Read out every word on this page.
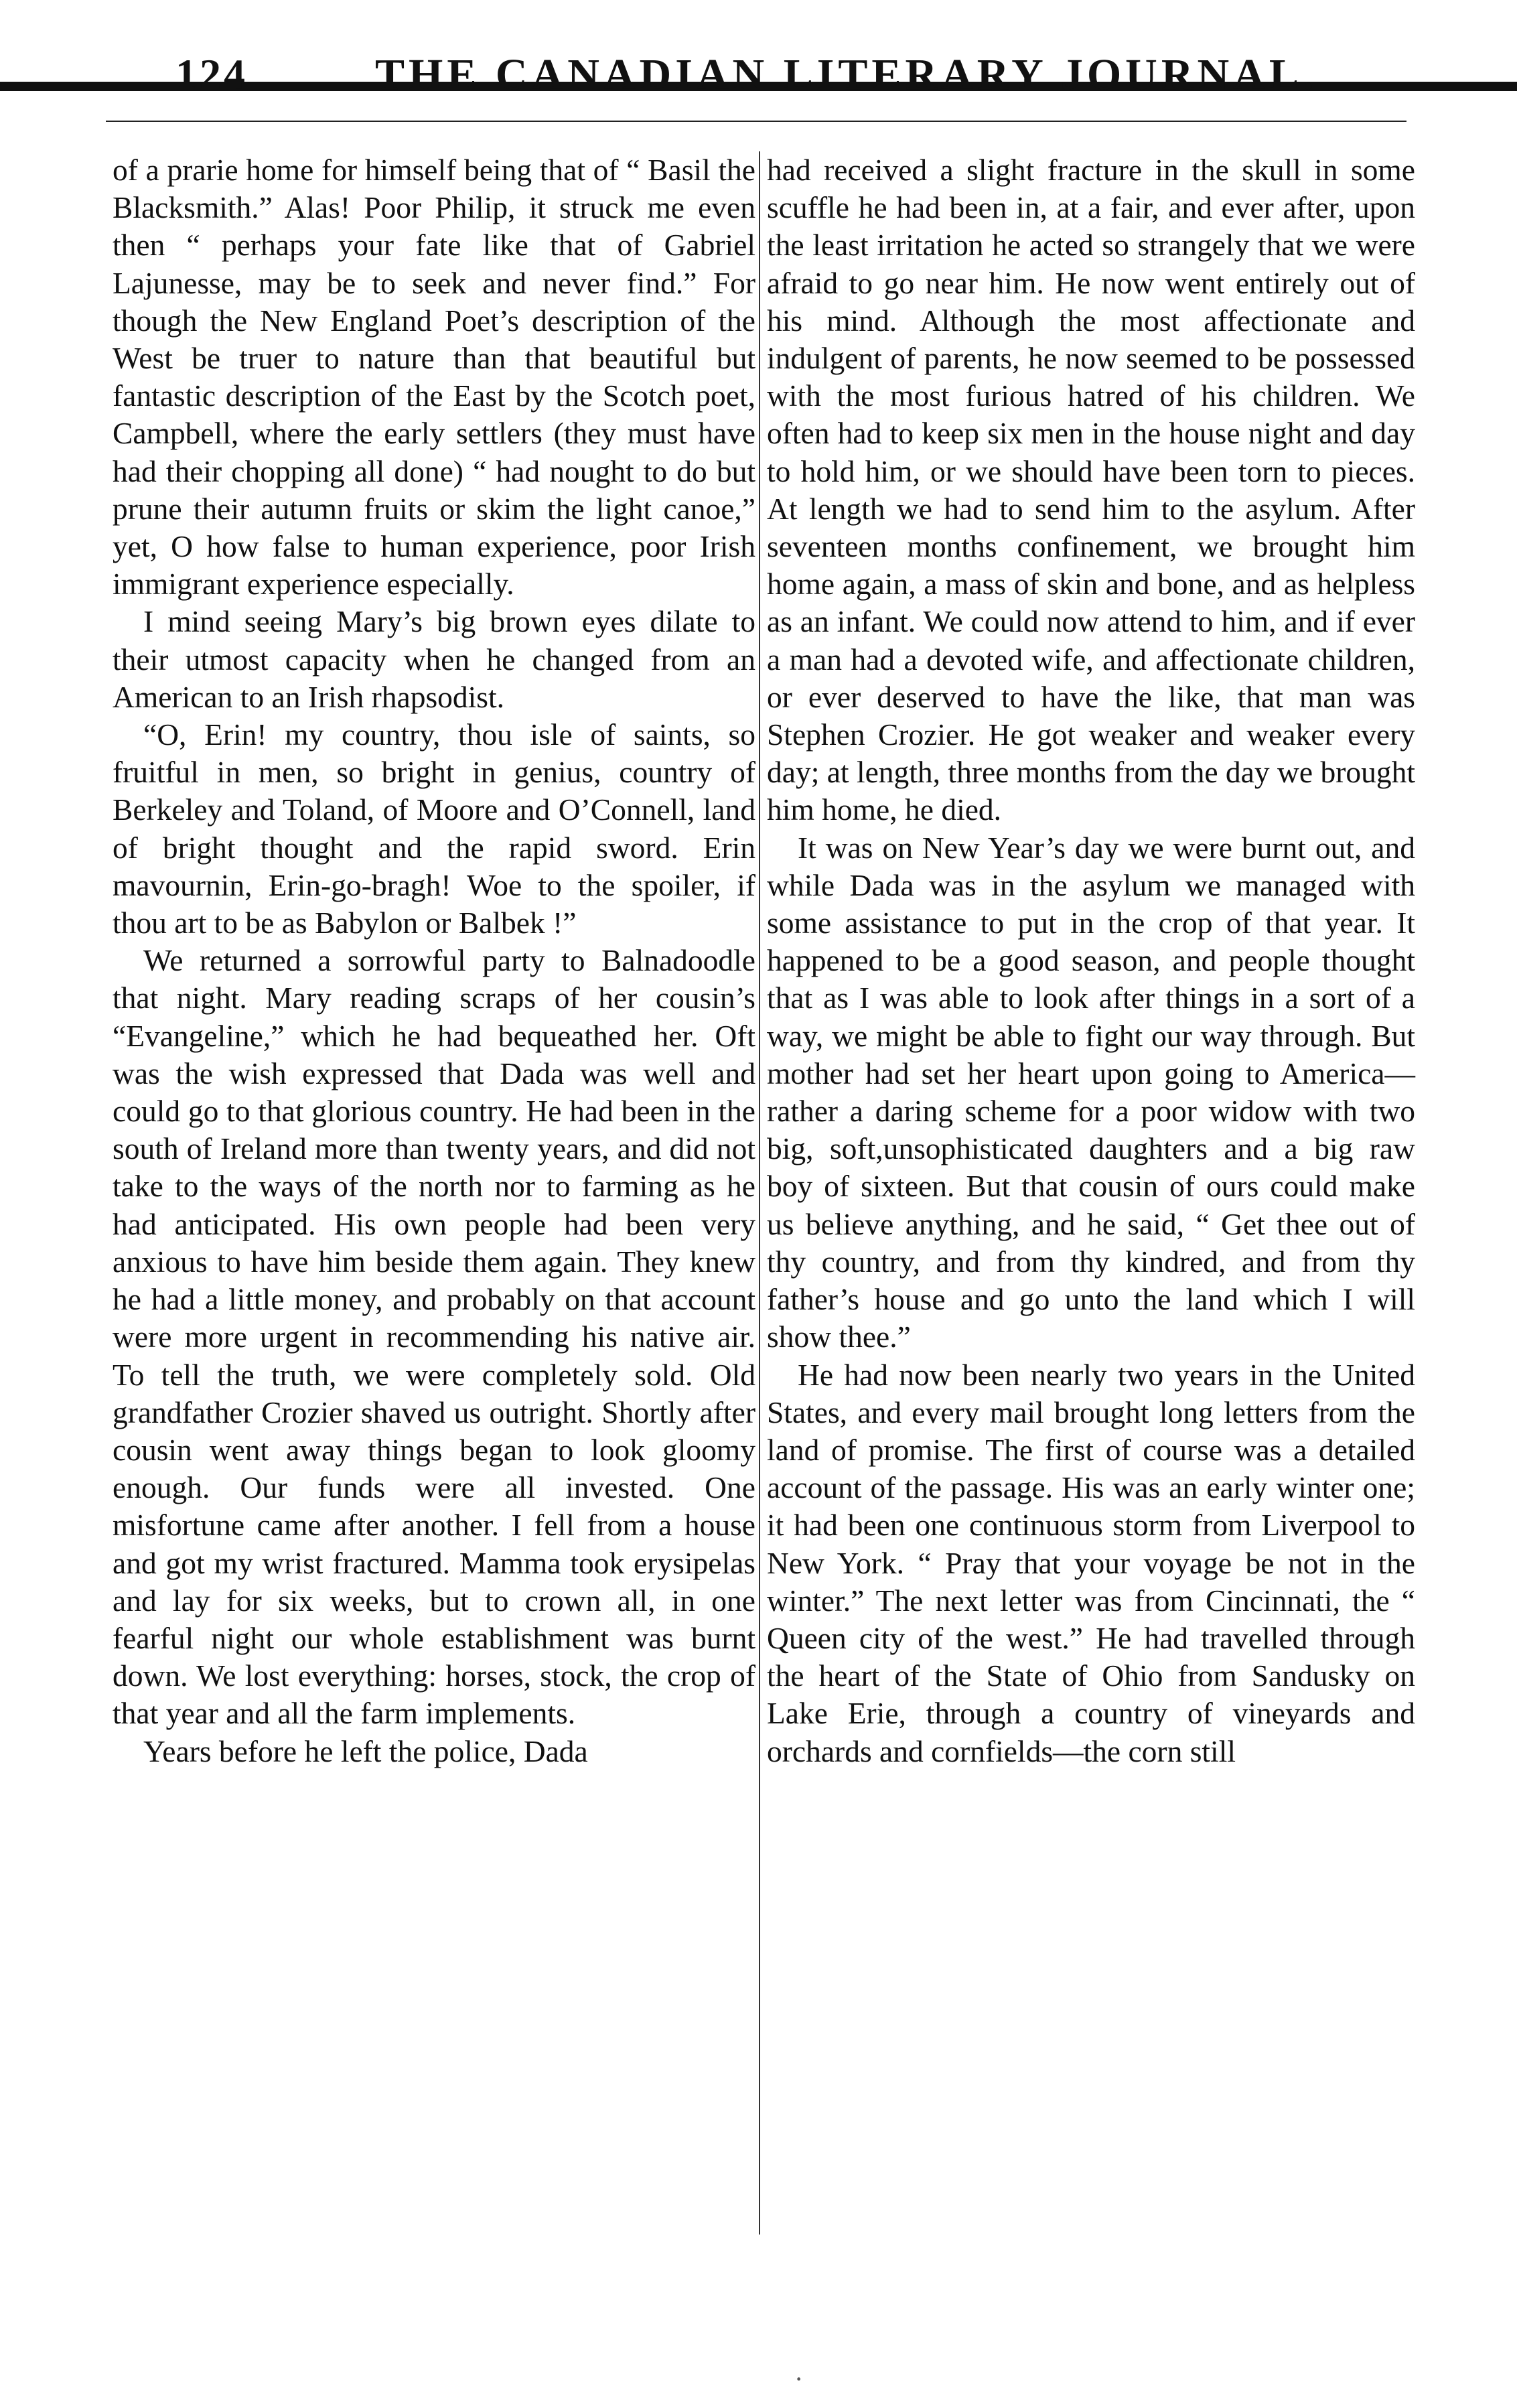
124	THE CANADIAN LITERARY JOURNAL.

of a prarie home for himself being that of “ Basil the Blacksmith.” Alas! Poor Philip, it struck me even then “ perhaps your fate like that of Gabriel Lajunesse, may be to seek and never find.” For though the New England Poet’s description of the West be truer to nature than that beautiful but fantastic description of the East by the Scotch poet, Campbell, where the early settlers (they must have had their chopping all done) “ had nought to do but prune their autumn fruits or skim the light canoe,” yet, O how false to human experience, poor Irish immigrant experience especially.

I mind seeing Mary’s big brown eyes dilate to their utmost capacity when he changed from an American to an Irish rhapsodist.

“O, Erin! my country, thou isle of saints, so fruitful in men, so bright in genius, country of Berkeley and Toland, of Moore and O’Connell, land of bright thought and the rapid sword. Erin mavournin, Erin-go-bragh! Woe to the spoiler, if thou art to be as Babylon or Balbek !”

We returned a sorrowful party to Balnadoodle that night. Mary reading scraps of her cousin’s “Evangeline,” which he had bequeathed her. Oft was the wish expressed that Dada was well and could go to that glorious country. He had been in the south of Ireland more than twenty years, and did not take to the ways of the north nor to farming as he had anticipated. His own people had been very anxious to have him beside them again. They knew he had a little money, and probably on that account were more urgent in recommending his native air. To tell the truth, we were completely sold. Old grandfather Crozier shaved us outright. Shortly after cousin went away things began to look gloomy enough. Our funds were all invested. One misfortune came after another. I fell from a house and got my wrist fractured. Mamma took erysipelas and lay for six weeks, but to crown all, in one fearful night our whole establishment was burnt down. We lost everything: horses, stock, the crop of that year and all the farm implements.

Years before he left the police, Dada

had received a slight fracture in the skull in some scuffle he had been in, at a fair, and ever after, upon the least irritation he acted so strangely that we were afraid to go near him. He now went entirely out of his mind. Although the most affectionate and indulgent of parents, he now seemed to be possessed with the most furious hatred of his children. We often had to keep six men in the house night and day to hold him, or we should have been torn to pieces. At length we had to send him to the asylum. After seventeen months confinement, we brought him home again, a mass of skin and bone, and as helpless as an infant. We could now attend to him, and if ever a man had a devoted wife, and affectionate children, or ever deserved to have the like, that man was Stephen Crozier. He got weaker and weaker every day; at length, three months from the day we brought him home, he died.

It was on New Year’s day we were burnt out, and while Dada was in the asylum we managed with some assistance to put in the crop of that year. It happened to be a good season, and people thought that as I was able to look after things in a sort of a way, we might be able to fight our way through. But mother had set her heart upon going to America—rather a daring scheme for a poor widow with two big, soft,unsophisticated daughters and a big raw boy of sixteen. But that cousin of ours could make us believe anything, and he said, “ Get thee out of thy country, and from thy kindred, and from thy father’s house and go unto the land which I will show thee.”

He had now been nearly two years in the United States, and every mail brought long letters from the land of promise. The first of course was a detailed account of the passage. His was an early winter one; it had been one continuous storm from Liverpool to New York. “ Pray that your voyage be not in the winter.” The next letter was from Cincinnati, the “ Queen city of the west.” He had travelled through the heart of the State of Ohio from Sandusky on Lake Erie, through a country of vineyards and orchards and cornfields—the corn still

·
